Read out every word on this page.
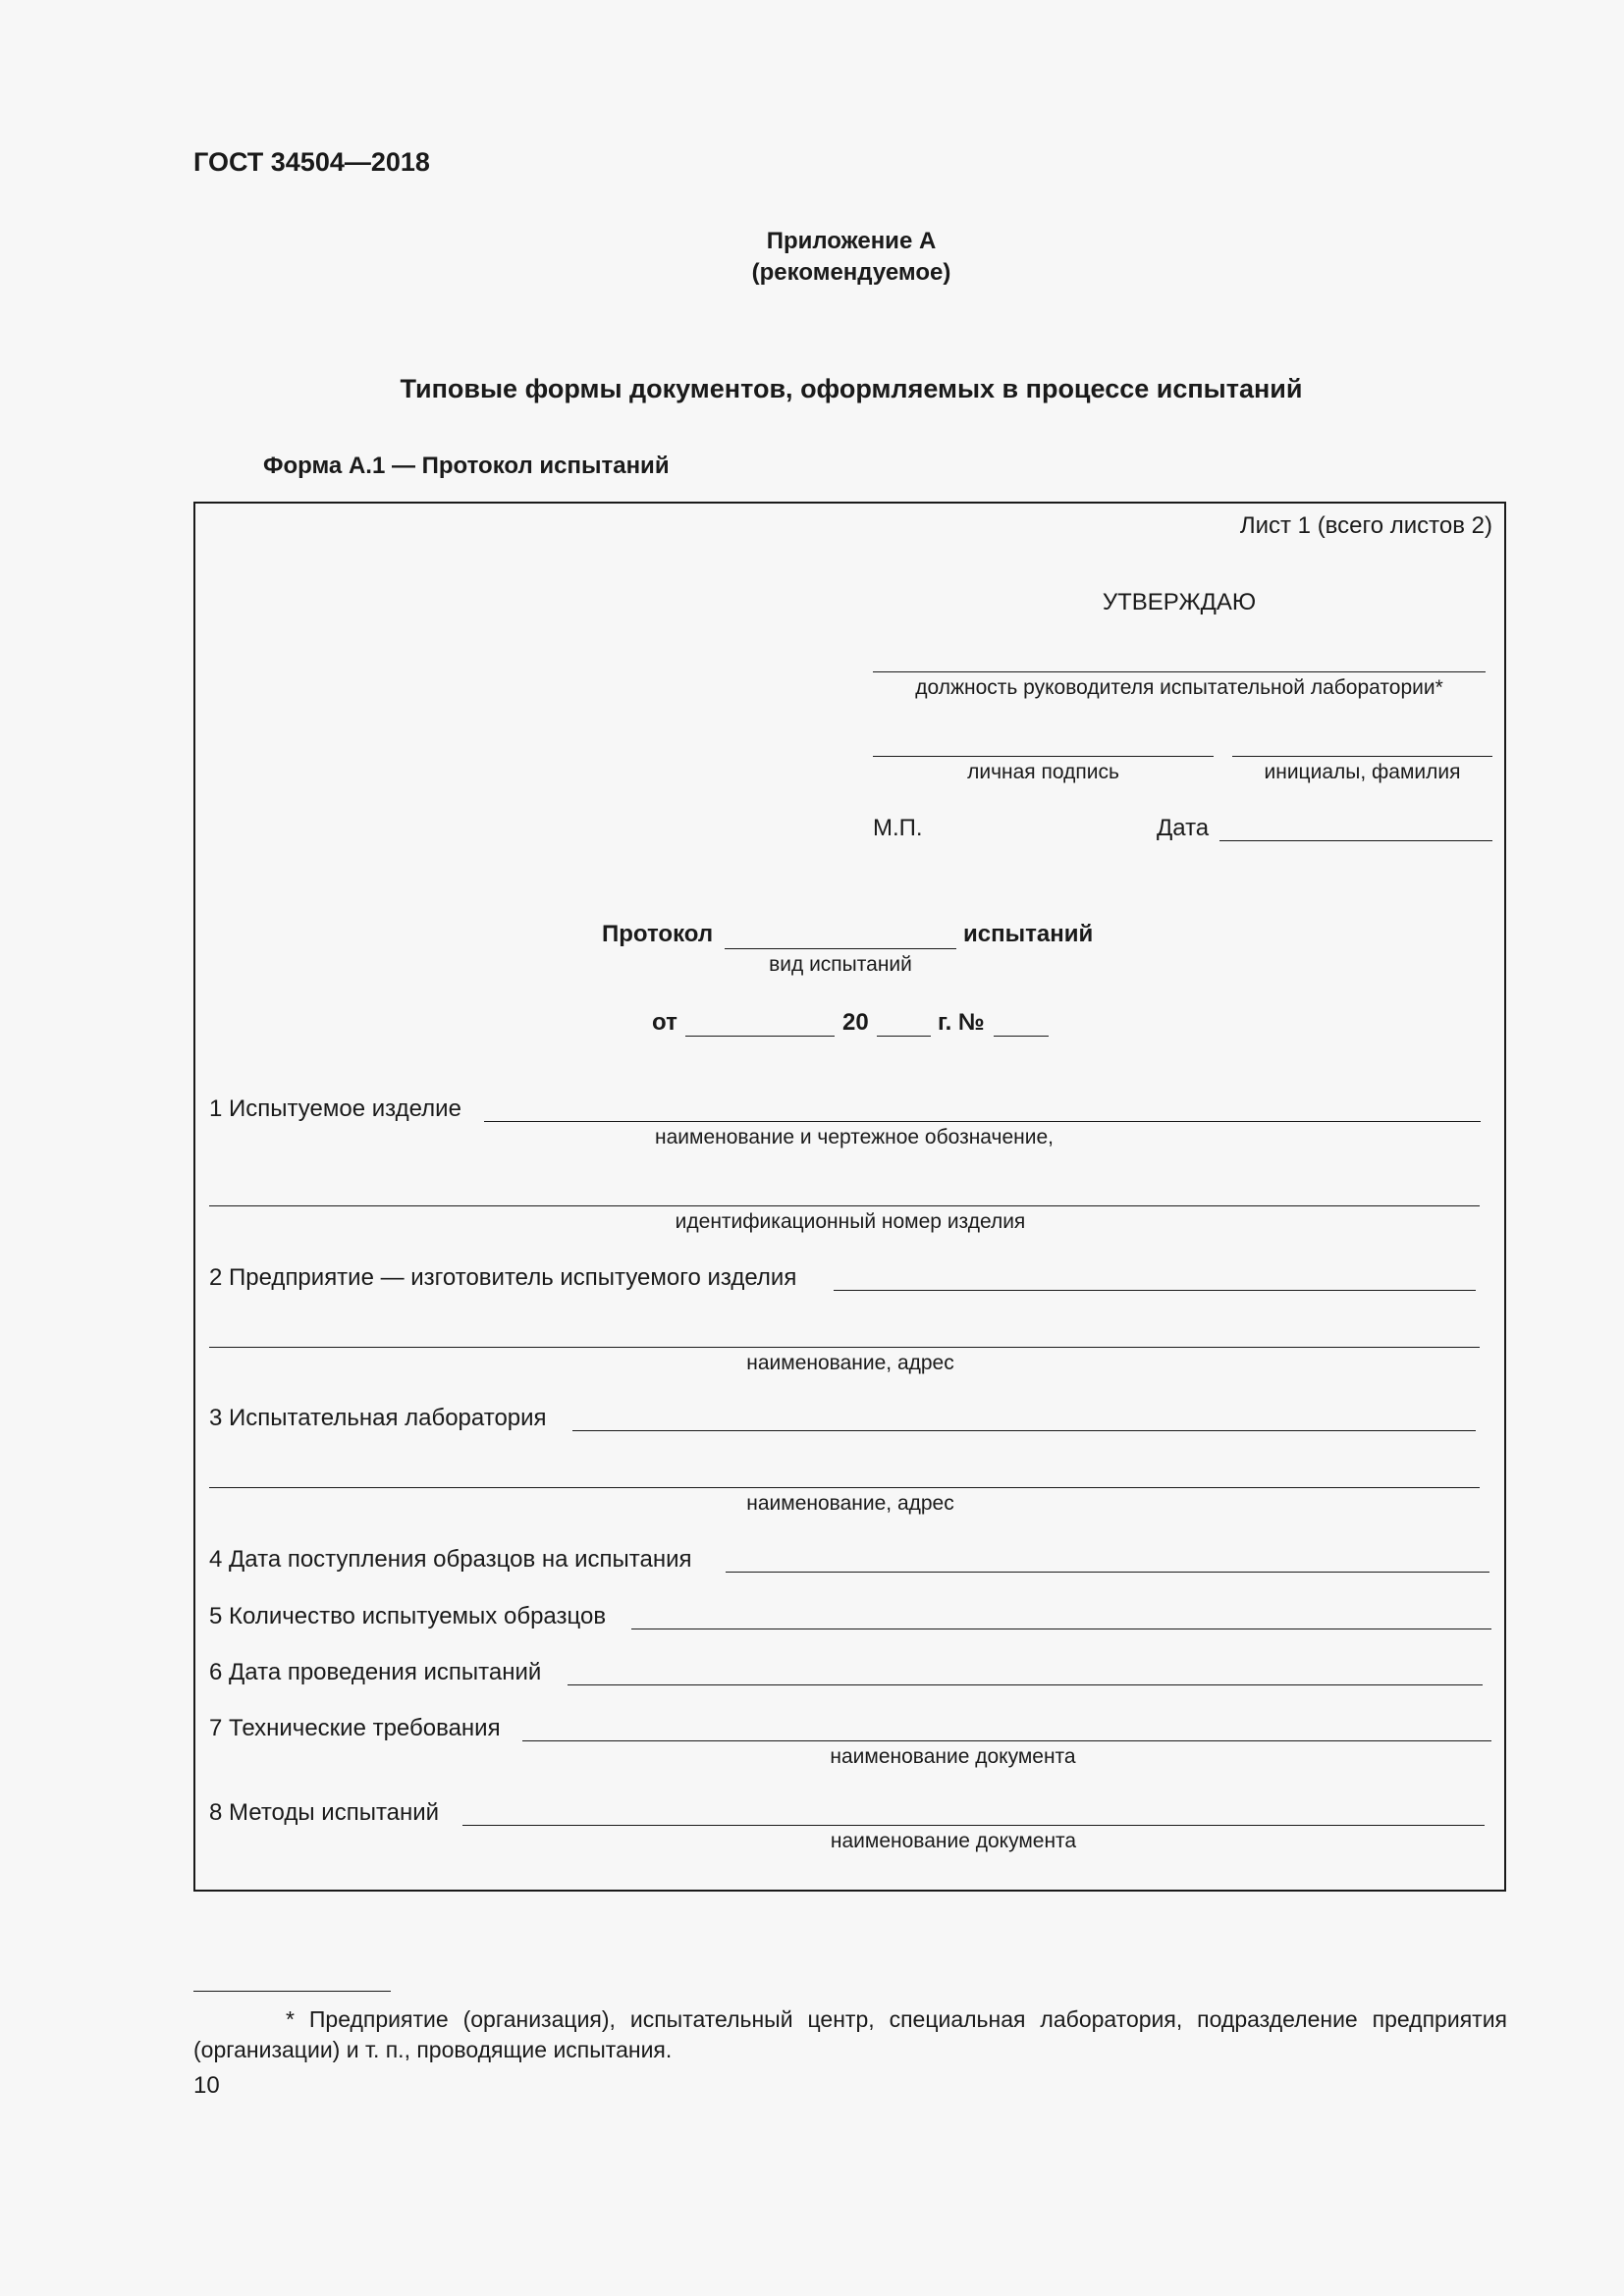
ГОСТ 34504—2018
Приложение А
(рекомендуемое)
Типовые формы документов, оформляемых в процессе испытаний
Форма А.1 — Протокол испытаний
Лист 1 (всего листов 2)
УТВЕРЖДАЮ
должность руководителя испытательной лаборатории*
личная подпись	инициалы, фамилия
М.П.	Дата
Протокол	испытаний
вид испытаний
от	20	г. №
1 Испытуемое изделие
наименование и чертежное обозначение,
идентификационный номер изделия
2 Предприятие — изготовитель испытуемого изделия
наименование, адрес
3 Испытательная лаборатория
наименование, адрес
4 Дата поступления образцов на испытания
5 Количество испытуемых образцов
6 Дата проведения испытаний
7 Технические требования
наименование документа
8 Методы испытаний
наименование документа
* Предприятие (организация), испытательный центр, специальная лаборатория, подразделение предприятия (организации) и т. п., проводящие испытания.
10
